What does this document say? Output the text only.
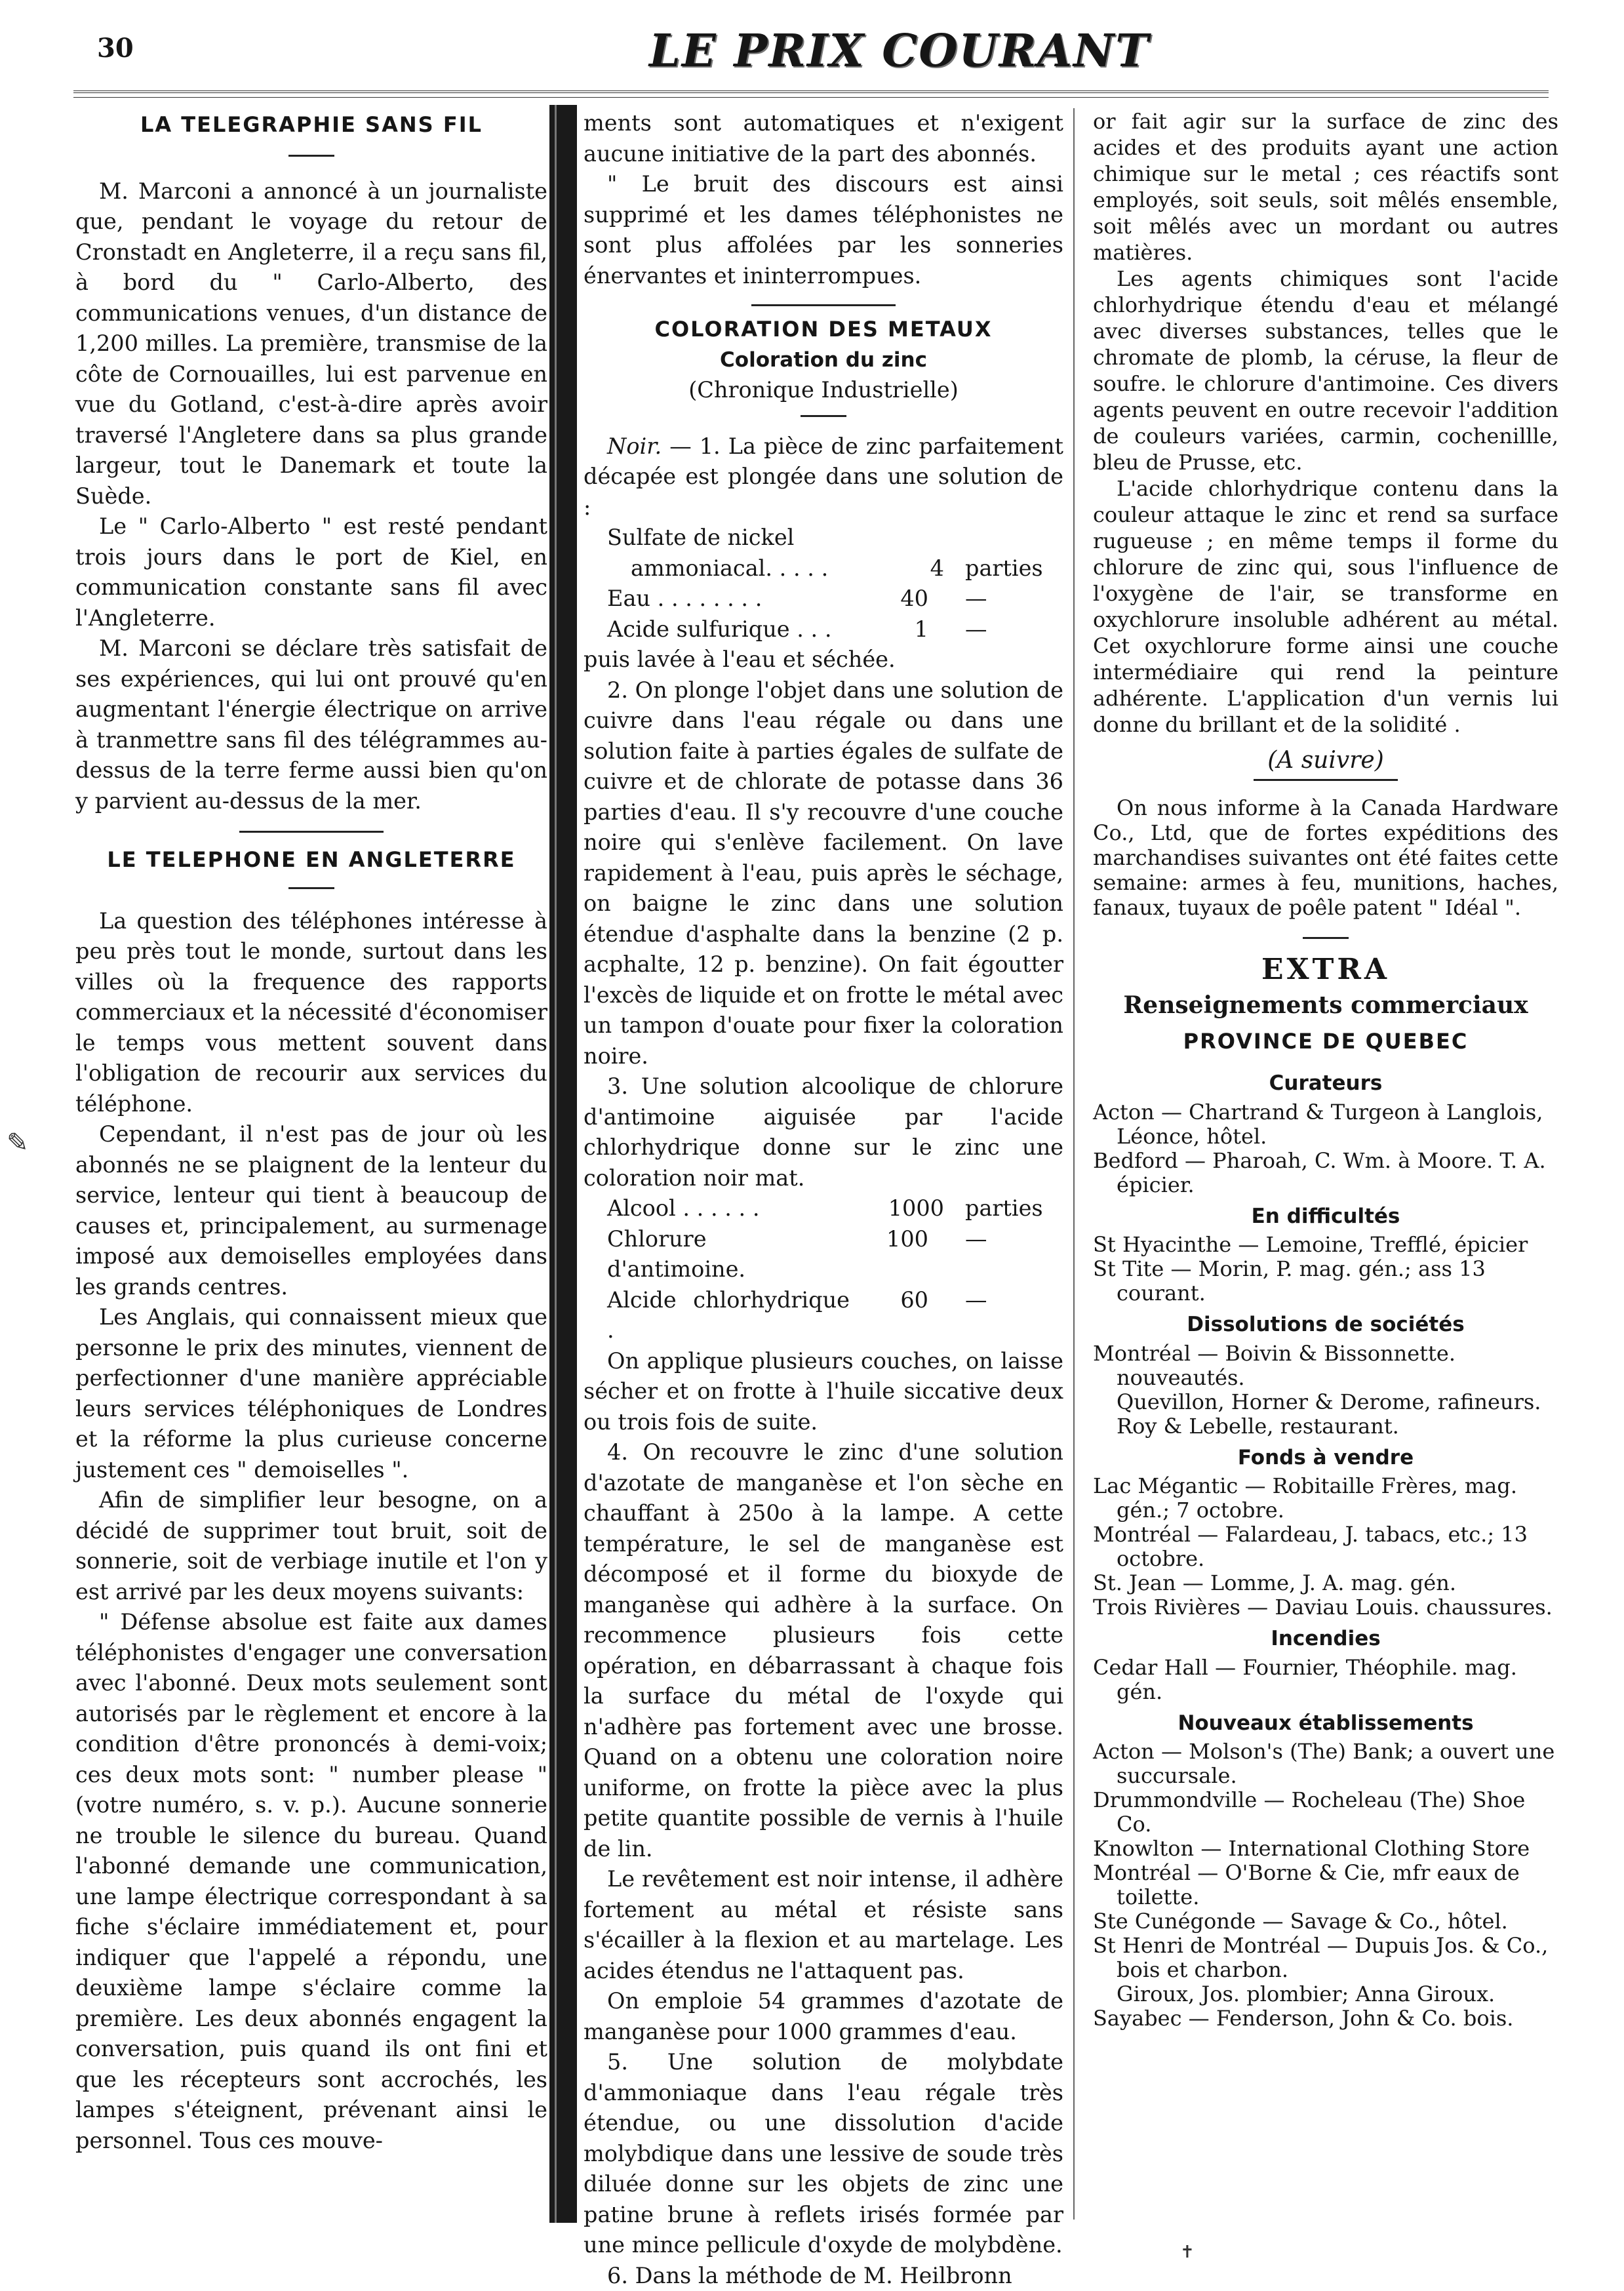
30	LE PRIX COURANT
✎
LA TELEGRAPHIE SANS FIL

M. Marconi a annoncé à un journaliste que, pendant le voyage du retour de Cronstadt en Angleterre, il a reçu sans fil, à bord du " Carlo-Alberto, des communications venues, d'un distance de 1,200 milles. La première, transmise de la côte de Cornouailles, lui est parvenue en vue du Gotland, c'est-à-dire après avoir traversé l'Angletere dans sa plus grande largeur, tout le Danemark et toute la Suède.

Le " Carlo-Alberto " est resté pendant trois jours dans le port de Kiel, en communication constante sans fil avec l'Angleterre.

M. Marconi se déclare très satisfait de ses expériences, qui lui ont prouvé qu'en augmentant l'énergie électrique on arrive à tranmettre sans fil des télégrammes au-dessus de la terre ferme aussi bien qu'on y parvient au-dessus de la mer.

LE TELEPHONE EN ANGLETERRE

La question des téléphones intéresse à peu près tout le monde, surtout dans les villes où la frequence des rapports commerciaux et la nécessité d'économiser le temps vous mettent souvent dans l'obligation de recourir aux services du téléphone.

Cependant, il n'est pas de jour où les abonnés ne se plaignent de la lenteur du service, lenteur qui tient à beaucoup de causes et, principalement, au surmenage imposé aux demoiselles employées dans les grands centres.

Les Anglais, qui connaissent mieux que personne le prix des minutes, viennent de perfectionner d'une manière appréciable leurs services téléphoniques de Londres et la réforme la plus curieuse concerne justement ces " demoiselles ".

Afin de simplifier leur besogne, on a décidé de supprimer tout bruit, soit de sonnerie, soit de verbiage inutile et l'on y est arrivé par les deux moyens suivants:

" Défense absolue est faite aux dames téléphonistes d'engager une conversation avec l'abonné. Deux mots seulement sont autorisés par le règlement et encore à la condition d'être prononcés à demi-voix; ces deux mots sont: " number please " (votre numéro, s. v. p.). Aucune sonnerie ne trouble le silence du bureau. Quand l'abonné demande une communication, une lampe électrique correspondant à sa fiche s'éclaire immédiatement et, pour indiquer que l'appelé a répondu, une deuxième lampe s'éclaire comme la première. Les deux abonnés engagent la conversation, puis quand ils ont fini et que les récepteurs sont accrochés, les lampes s'éteignent, prévenant ainsi le personnel. Tous ces mouve-

ments sont automatiques et n'exigent aucune initiative de la part des abonnés.

" Le bruit des discours est ainsi supprimé et les dames téléphonistes ne sont plus affolées par les sonneries énervantes et ininterrompues.

COLORATION DES METAUX
Coloration du zinc
(Chronique Industrielle)

Noir. — 1. La pièce de zinc parfaitement décapée est plongée dans une solution de :

Sulfate de nickel
ammoniacal. . . . .	4 parties
Eau . . . . . . . .	40	—
Acide sulfurique . . .	1	—

puis lavée à l'eau et séchée.

2. On plonge l'objet dans une solution de cuivre dans l'eau régale ou dans une solution faite à parties égales de sulfate de cuivre et de chlorate de potasse dans 36 parties d'eau. Il s'y recouvre d'une couche noire qui s'enlève facilement. On lave rapidement à l'eau, puis après le séchage, on baigne le zinc dans une solution étendue d'asphalte dans la benzine (2 p. acphalte, 12 p. benzine). On fait égoutter l'excès de liquide et on frotte le métal avec un tampon d'ouate pour fixer la coloration noire.

3. Une solution alcoolique de chlorure d'antimoine aiguisée par l'acide chlorhydrique donne sur le zinc une coloration noir mat.

Alcool . . . . . .	1000 parties
Chlorure d'antimoine.
100	—
Alcide chlorhydrique .
60	—

On applique plusieurs couches, on laisse sécher et on frotte à l'huile siccative deux ou trois fois de suite.

4. On recouvre le zinc d'une solution d'azotate de manganèse et l'on sèche en chauffant à 250o à la lampe. A cette température, le sel de manganèse est décomposé et il forme du bioxyde de manganèse qui adhère à la surface. On recommence plusieurs fois cette opération, en débarrassant à chaque fois la surface du métal de l'oxyde qui n'adhère pas fortement avec une brosse. Quand on a obtenu une coloration noire uniforme, on frotte la pièce avec la plus petite quantite possible de vernis à l'huile de lin.

Le revêtement est noir intense, il adhère fortement au métal et résiste sans s'écailler à la flexion et au martelage. Les acides étendus ne l'attaquent pas.

On emploie 54 grammes d'azotate de manganèse pour 1000 grammes d'eau.

5. Une solution de molybdate d'ammoniaque dans l'eau régale très étendue, ou une dissolution d'acide molybdique dans une lessive de soude très diluée donne sur les objets de zinc une patine brune à reflets irisés formée par une mince pellicule d'oxyde de molybdène.

6. Dans la méthode de M. Heilbronn

or fait agir sur la surface de zinc des acides et des produits ayant une action chimique sur le metal ; ces réactifs sont employés, soit seuls, soit mêlés ensemble, soit mêlés avec un mordant ou autres matières.

Les agents chimiques sont l'acide chlorhydrique étendu d'eau et mélangé avec diverses substances, telles que le chromate de plomb, la céruse, la fleur de soufre. le chlorure d'antimoine. Ces divers agents peuvent en outre recevoir l'addition de couleurs variées, carmin, cochenillle, bleu de Prusse, etc.

L'acide chlorhydrique contenu dans la couleur attaque le zinc et rend sa surface rugueuse ; en même temps il forme du chlorure de zinc qui, sous l'influence de l'oxygène de l'air, se transforme en oxychlorure insoluble adhérent au métal. Cet oxychlorure forme ainsi une couche intermédiaire qui rend la peinture adhérente. L'application d'un vernis lui donne du brillant et de la solidité .

(A suivre)

On nous informe à la Canada Hardware Co., Ltd, que de fortes expéditions des marchandises suivantes ont été faites cette semaine: armes à feu, munitions, haches, fanaux, tuyaux de poêle patent " Idéal ".

EXTRA
Renseignements commerciaux
PROVINCE DE QUEBEC
Curateurs
Acton — Chartrand & Turgeon à Langlois, Léonce, hôtel.
Bedford — Pharoah, C. Wm. à Moore. T. A. épicier.
En difficultés
St Hyacinthe — Lemoine, Trefflé, épicier
St Tite — Morin, P. mag. gén.; ass 13 courant.
Dissolutions de sociétés
Montréal — Boivin & Bissonnette. nouveautés.
Quevillon, Horner & Derome, rafineurs.
Roy & Lebelle, restaurant.
Fonds à vendre
Lac Mégantic — Robitaille Frères, mag. gén.; 7 octobre.
Montréal — Falardeau, J. tabacs, etc.; 13 octobre.
St. Jean — Lomme, J. A. mag. gén.
Trois Rivières — Daviau Louis. chaussures.
Incendies
Cedar Hall — Fournier, Théophile. mag. gén.
Nouveaux établissements
Acton — Molson's (The) Bank; a ouvert une succursale.
Drummondville — Rocheleau (The) Shoe Co.
Knowlton — International Clothing Store
Montréal — O'Borne & Cie, mfr eaux de toilette.
Ste Cunégonde — Savage & Co., hôtel.
St Henri de Montréal — Dupuis Jos. & Co., bois et charbon.
Giroux, Jos. plombier; Anna Giroux.
Sayabec — Fenderson, John & Co. bois.
✝
